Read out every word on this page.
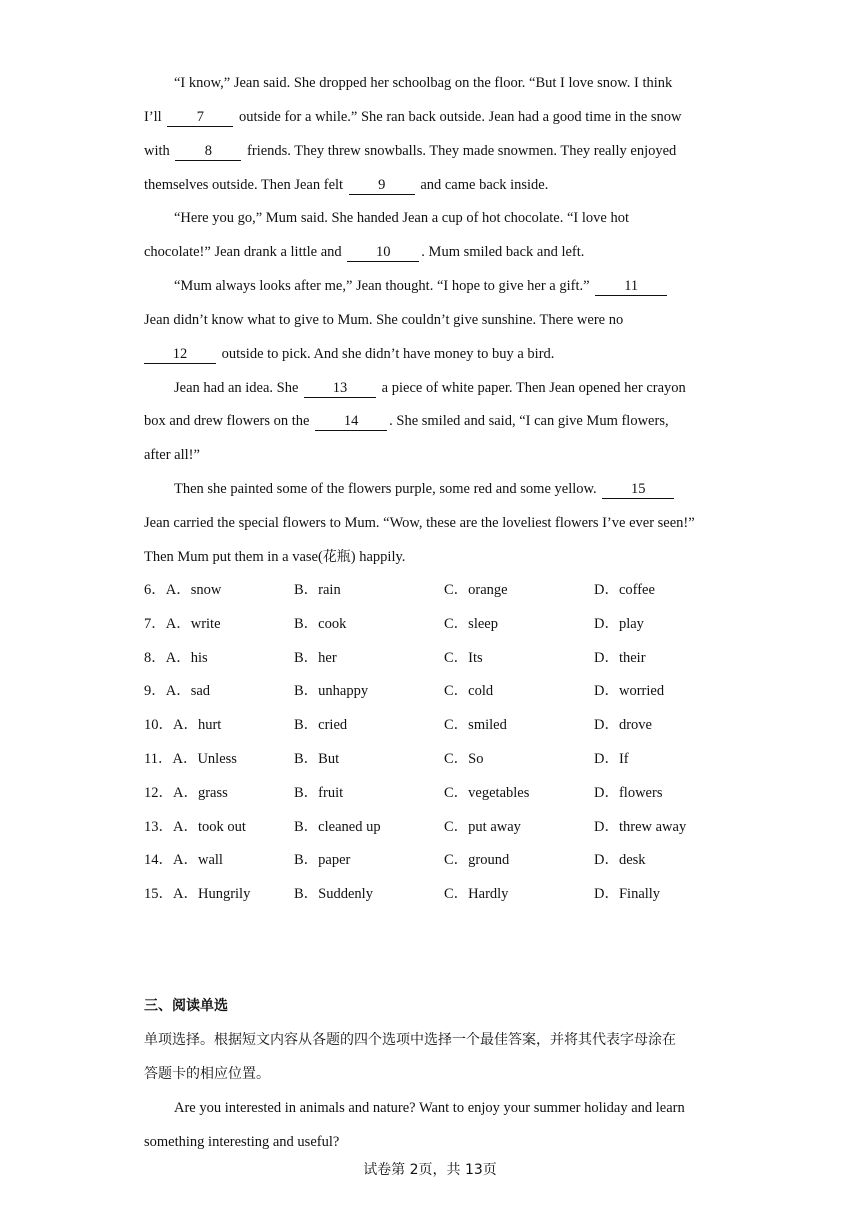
“I know,” Jean said. She dropped her schoolbag on the floor. “But I love snow. I think
I’ll 7 outside for a while.” She ran back outside. Jean had a good time in the snow
with 8 friends. They threw snowballs. They made snowmen. They really enjoyed
themselves outside. Then Jean felt 9 and came back inside.
“Here you go,” Mum said. She handed Jean a cup of hot chocolate. “I love hot
chocolate!” Jean drank a little and 10 . Mum smiled back and left.
“Mum always looks after me,” Jean thought. “I hope to give her a gift.” 11
Jean didn’t know what to give to Mum. She couldn’t give sunshine. There were no
12 outside to pick. And she didn’t have money to buy a bird.
Jean had an idea. She 13 a piece of white paper. Then Jean opened her crayon
box and drew flowers on the 14 . She smiled and said, “I can give Mum flowers,
after all!”
Then she painted some of the flowers purple, some red and some yellow. 15
Jean carried the special flowers to Mum. “Wow, these are the loveliest flowers I’ve ever seen!”
Then Mum put them in a vase(花瓶) happily.
6．A．snow	B．rain	C．orange	D．coffee
7．A．write	B．cook	C．sleep	D．play
8．A．his	B．her	C．Its	D．their
9．A．sad	B．unhappy	C．cold	D．worried
10．A．hurt	B．cried	C．smiled	D．drove
11．A．Unless	B．But	C．So	D．If
12．A．grass	B．fruit	C．vegetables	D．flowers
13．A．took out	B．cleaned up	C．put away	D．threw away
14．A．wall	B．paper	C．ground	D．desk
15．A．Hungrily	B．Suddenly	C．Hardly	D．Finally
三、阅读单选
单项选择。根据短文内容从各题的四个选项中选择一个最佳答案，并将其代表字母涂在
答题卡的相应位置。
Are you interested in animals and nature? Want to enjoy your summer holiday and learn
something interesting and useful?
试卷第 2页，共 13页
